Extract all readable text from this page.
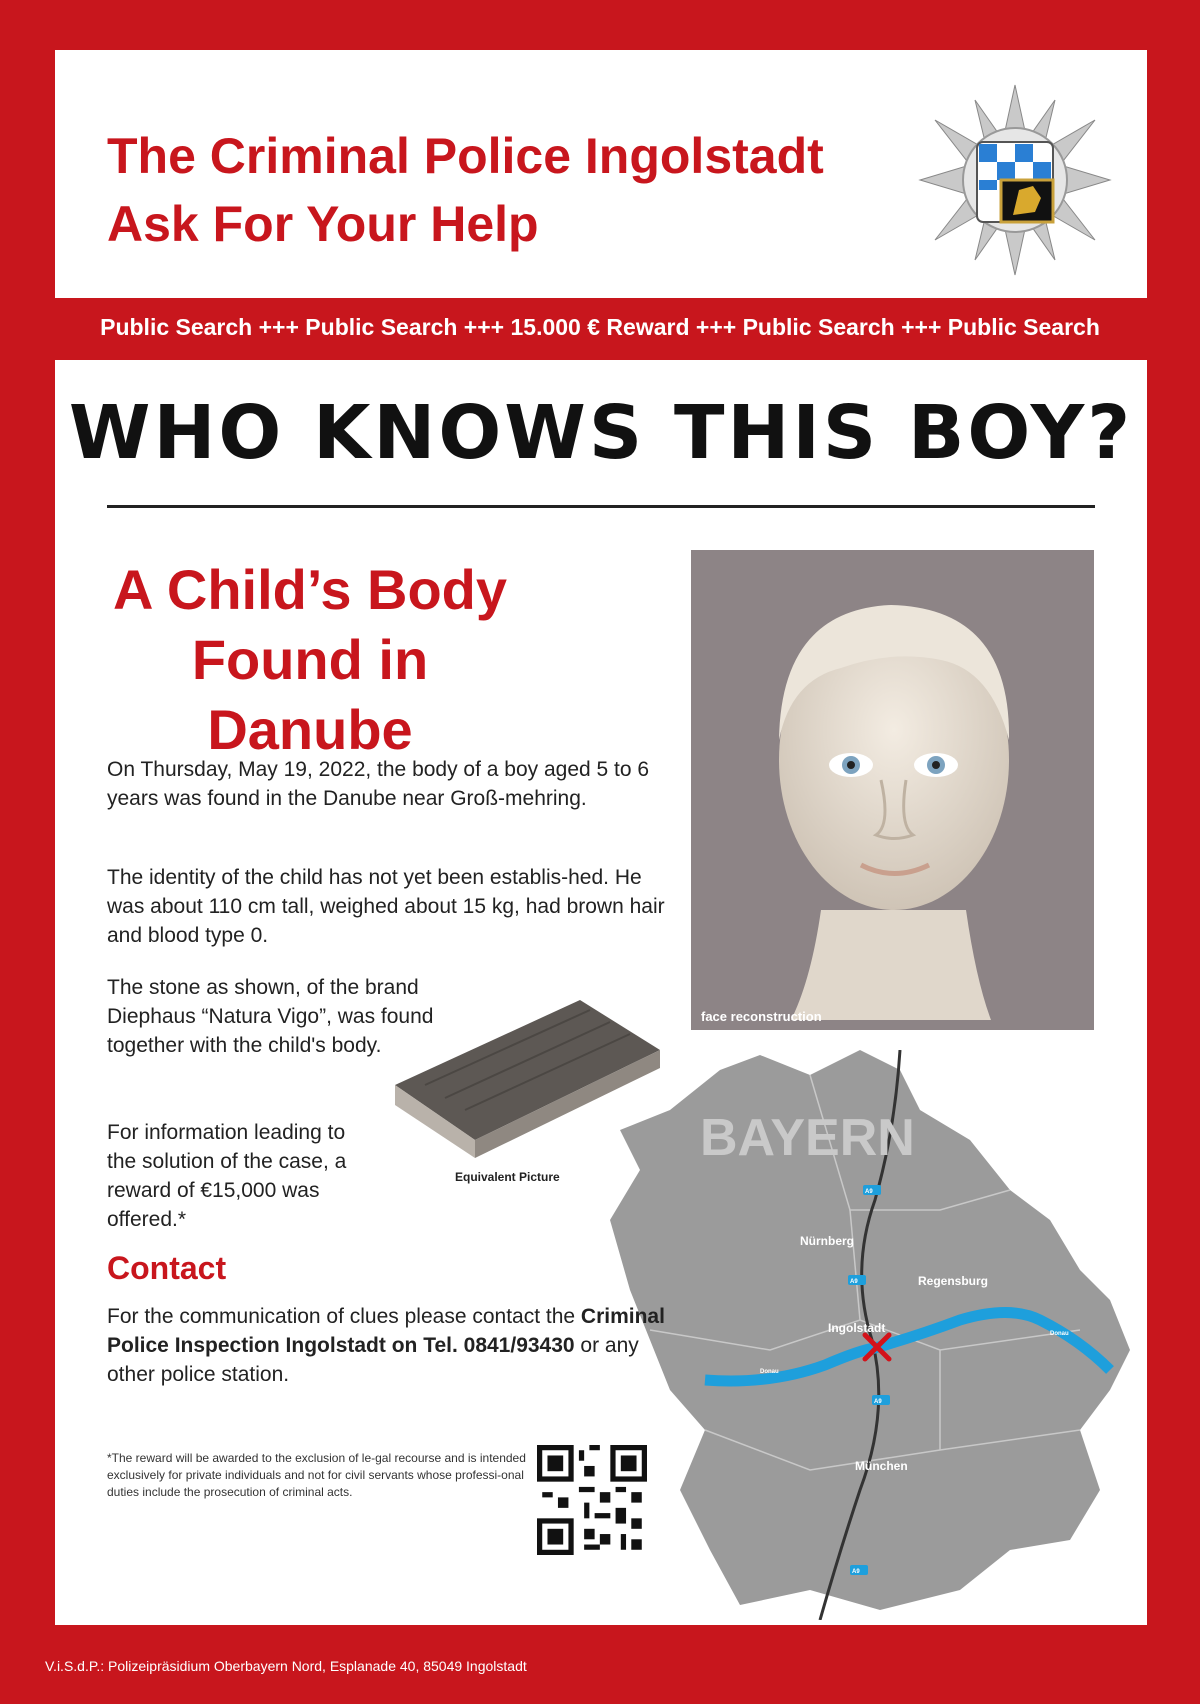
The Criminal Police Ingolstadt
Ask For Your Help
Public Search +++ Public Search +++ 15.000 € Reward +++ Public Search +++ Public Search
WHO KNOWS THIS BOY?
A Child’s Body
Found in Danube
On Thursday, May 19, 2022, the body of a boy aged 5 to 6 years was found in the Danube near Groß-mehring.
The identity of the child has not yet been establis-hed. He was about 110 cm tall, weighed about 15 kg, had brown hair and blood type 0.
The stone as shown, of the brand Diephaus “Natura Vigo”, was found together with the child's body.
For information leading to the solution of the case, a reward of €15,000 was offered.*
face reconstruction
Equivalent Picture
A9
A9
A9
A9
Donau
Donau
BAYERN
Nürnberg
Regensburg
Ingolstadt
München
Contact
For the communication of clues please contact the Criminal Police Inspection Ingolstadt on Tel. 0841/93430 or any other police station.
*The reward will be awarded to the exclusion of le-gal recourse and is intended exclusively for private individuals and not for civil servants whose professi-onal duties include the prosecution of criminal acts.
V.i.S.d.P.: Polizeipräsidium Oberbayern Nord, Esplanade 40, 85049 Ingolstadt
